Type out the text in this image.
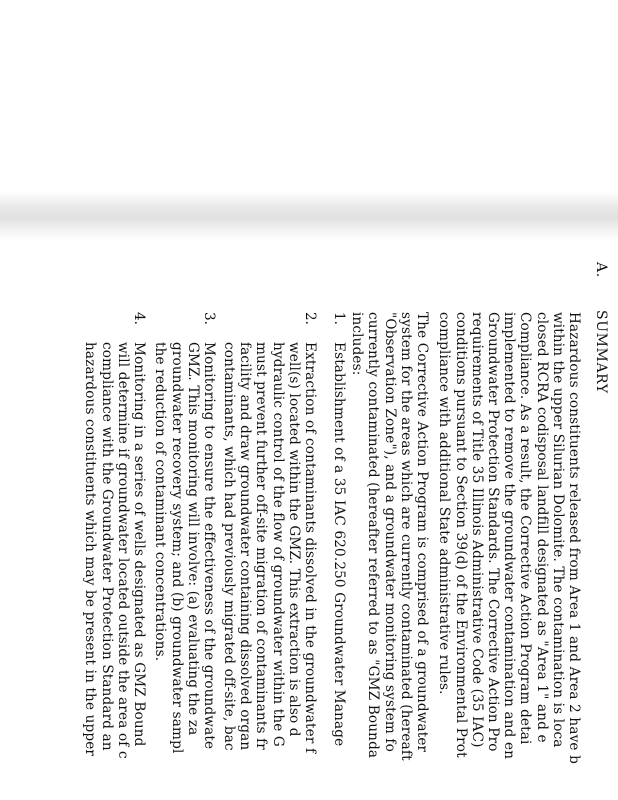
A.
SUMMARY
Hazardous constituents released from Area 1 and Area 2 have b
within the upper Silurian Dolomite. The contamination is loca
closed RCRA codisposal landfill designated as "Area 1" and e
Compliance. As a result, the Corrective Action Program detai
implemented to remove the groundwater contamination and en
Groundwater Protection Standards. The Corrective Action Pro
requirements of Title 35 Illinois Administrative Code (35 IAC)
conditions pursuant to Section 39(d) of the Environmental Prot
compliance with additional State administrative rules.
The Corrective Action Program is comprised of a groundwater
system for the areas which are currently contaminated (hereaft
"Observation Zone"), and a groundwater monitoring system fo
currently contaminated (hereafter referred to as "GMZ Bounda
includes:
1.
Establishment of a 35 IAC 620.250 Groundwater Manage
2.
Extraction of contaminants dissolved in the groundwater f
well(s) located within the GMZ. This extraction is also d
hydraulic control of the flow of groundwater within the G
must prevent further off-site migration of contaminants fr
facility and draw groundwater containing dissolved organ
contaminants, which had previously migrated off-site, bac
3.
Monitoring to ensure the effectiveness of the groundwate
GMZ. This monitoring will involve: (a) evaluating the za
groundwater recovery system; and (b) groundwater sampl
the reduction of contaminant concentrations.
4.
Monitoring in a series of wells designated as GMZ Bound
will determine if groundwater located outside the area of c
compliance with the Groundwater Protection Standard an
hazardous constituents which may be present in the upper
